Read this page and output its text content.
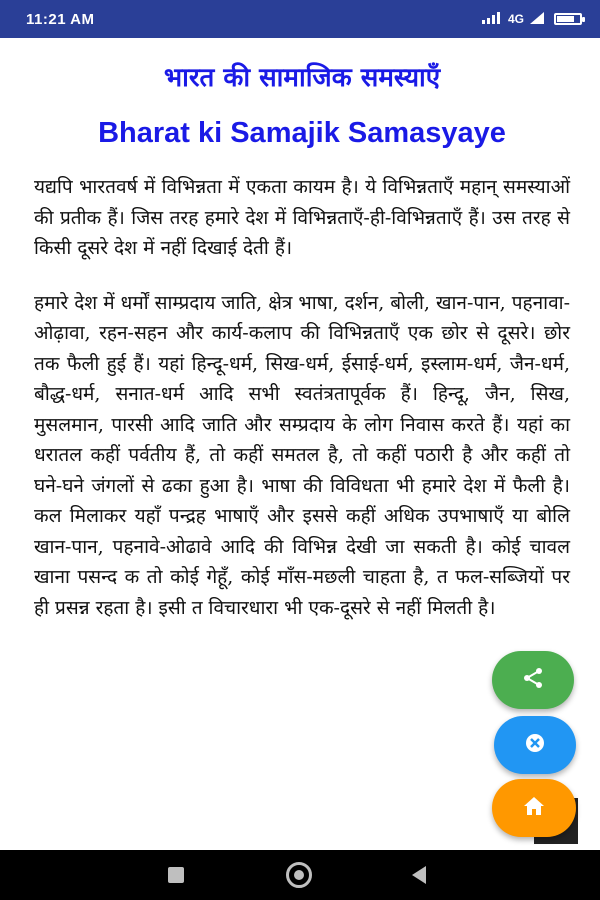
11:21 AM	4G
भारत की सामाजिक समस्याएँ
Bharat ki Samajik Samasyaye

यद्यपि भारतवर्ष में विभिन्नता में एकता कायम है। ये विभिन्नताएँ महान् समस्याओं की प्रतीक हैं। जिस तरह हमारे देश में विभिन्नताएँ-ही-विभिन्नताएँ हैं। उस तरह से किसी दूसरे देश में नहीं दिखाई देती हैं।

हमारे देश में धर्मों साम्प्रदाय जाति, क्षेत्र भाषा, दर्शन, बोली, खान-पान, पहनावा-ओढ़ावा, रहन-सहन और कार्य-कलाप की विभिन्नताएँ एक छोर से दूसरे। छोर तक फैली हुई हैं। यहां हिन्दू-धर्म, सिख-धर्म, ईसाई-धर्म, इस्लाम-धर्म, जैन-धर्म, बौद्ध-धर्म, सनात-धर्म आदि सभी स्वतंत्रतापूर्वक हैं। हिन्दू, जैन, सिख, मुसलमान, पारसी आदि जाति और सम्प्रदाय के लोग निवास करते हैं। यहां का धरातल कहीं पर्वतीय हैं, तो कहीं समतल है, तो कहीं पठारी है और कहीं तो घने-घने जंगलों से ढका हुआ है। भाषा की विविधता भी हमारे देश में फैली है। कल मिलाकर यहाँ पन्द्रह भाषाएँ और इससे कहीं अधिक उपभाषाएँ या बोलि खान-पान, पहनावे-ओढावे आदि की विभिन्न देखी जा सकती है। कोई चावल खाना पसन्द क तो कोई गेहूँ, कोई माँस-मछली चाहता है, त फल-सब्जियों पर ही प्रसन्न रहता है। इसी त विचारधारा भी एक-दूसरे से नहीं मिलती है।
